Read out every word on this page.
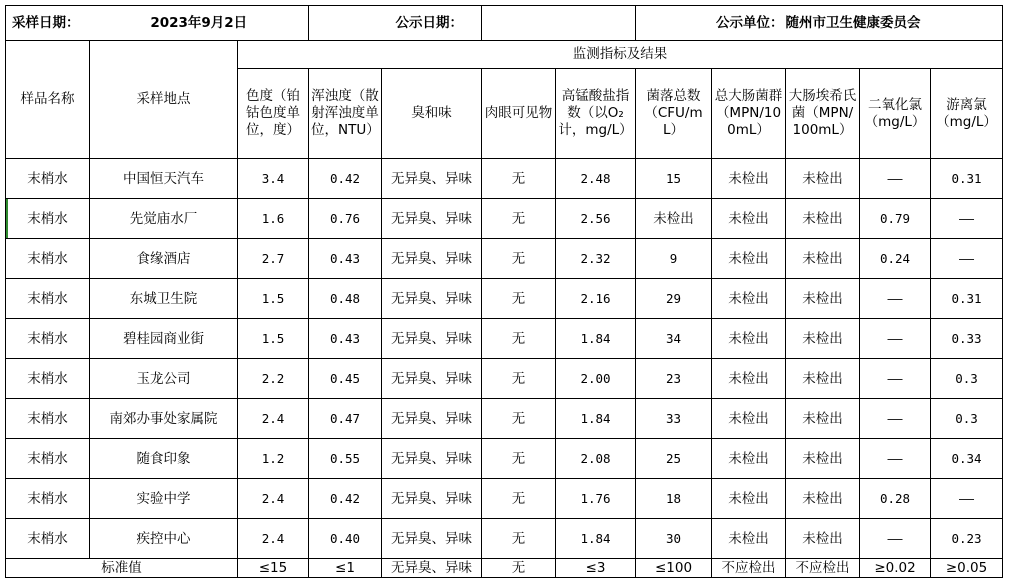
采样日期：	2023年9月2日		公示日期：				公示单位：		随州市卫生健康委员会		
样品名称	采样地点	监测指标及结果									
		色度（铂钴色度单位，度）	浑浊度（散射浑浊度单位，NTU）	臭和味	肉眼可见物	高锰酸盐指数（以O₂计，mg/L）	菌落总数（CFU/mL）	总大肠菌群（MPN/100mL）	大肠埃希氏菌（MPN/100mL）	二氧化氯（mg/L）	游离氯（mg/L）
末梢水	中国恒天汽车	3.4	0.42	无异臭、异味	无	2.48	15	未检出	未检出	——	0.31
末梢水	先觉庙水厂	1.6	0.76	无异臭、异味	无	2.56	未检出	未检出	未检出	0.79	——
末梢水	食缘酒店	2.7	0.43	无异臭、异味	无	2.32	9	未检出	未检出	0.24	——
末梢水	东城卫生院	1.5	0.48	无异臭、异味	无	2.16	29	未检出	未检出	——	0.31
末梢水	碧桂园商业街	1.5	0.43	无异臭、异味	无	1.84	34	未检出	未检出	——	0.33
末梢水	玉龙公司	2.2	0.45	无异臭、异味	无	2.00	23	未检出	未检出	——	0.3
末梢水	南郊办事处家属院	2.4	0.47	无异臭、异味	无	1.84	33	未检出	未检出	——	0.3
末梢水	随食印象	1.2	0.55	无异臭、异味	无	2.08	25	未检出	未检出	——	0.34
末梢水	实验中学	2.4	0.42	无异臭、异味	无	1.76	18	未检出	未检出	0.28	——
末梢水	疾控中心	2.4	0.40	无异臭、异味	无	1.84	30	未检出	未检出	——	0.23
标准值		≤15	≤1	无异臭、异味	无	≤3	≤100	不应检出	不应检出	≥0.02	≥0.05
